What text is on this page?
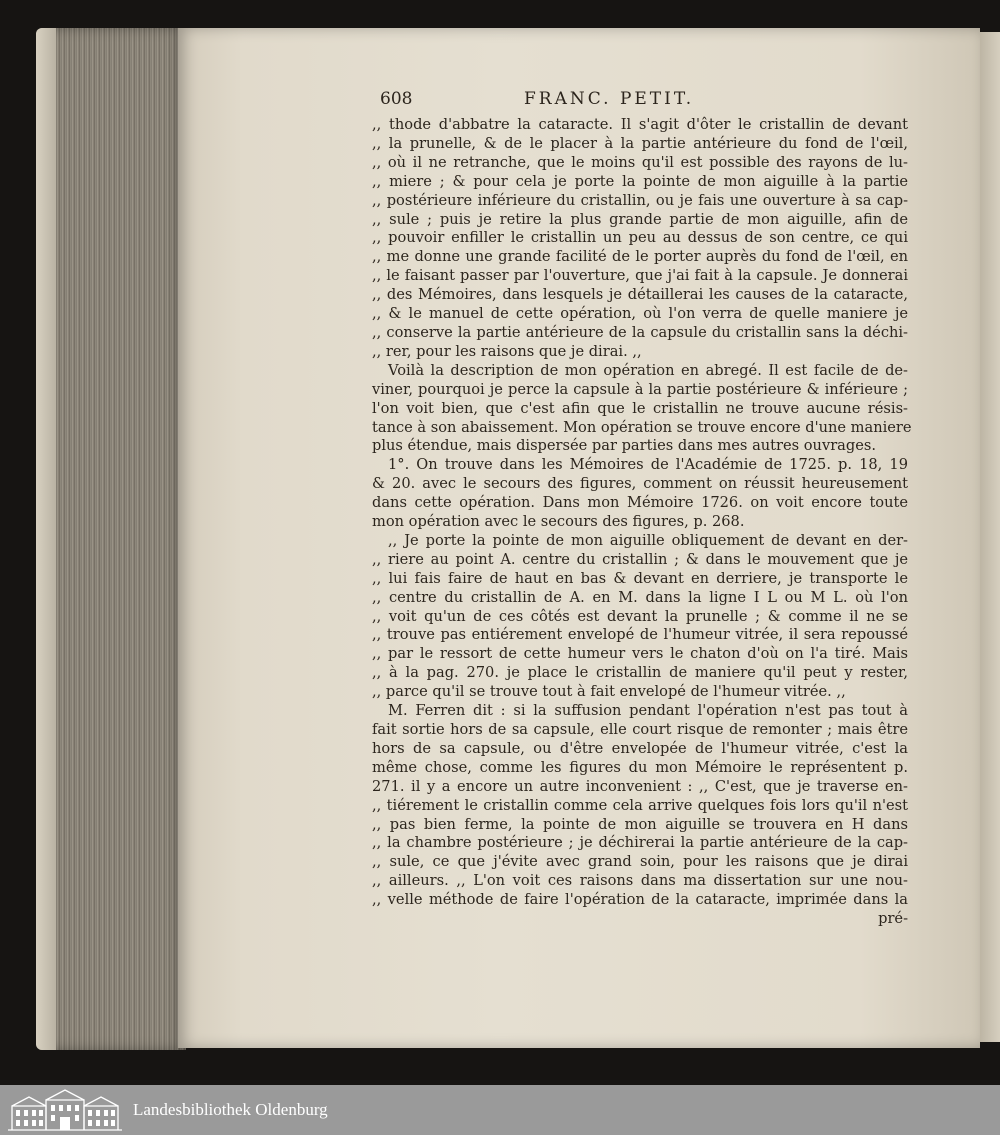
608	FRANC. PETIT.
,, thode d'abbatre la cataracte. Il s'agit d'ôter le cristallin de devant
,, la prunelle, & de le placer à la partie antérieure du fond de l'œil,
,, où il ne retranche, que le moins qu'il est possible des rayons de lu-
,, miere ; & pour cela je porte la pointe de mon aiguille à la partie
,, postérieure inférieure du cristallin, ou je fais une ouverture à sa cap-
,, sule ; puis je retire la plus grande partie de mon aiguille, afin de
,, pouvoir enfiller le cristallin un peu au dessus de son centre, ce qui
,, me donne une grande facilité de le porter auprès du fond de l'œil, en
,, le faisant passer par l'ouverture, que j'ai fait à la capsule. Je donnerai
,, des Mémoires, dans lesquels je détaillerai les causes de la cataracte,
,, & le manuel de cette opération, où l'on verra de quelle maniere je
,, conserve la partie antérieure de la capsule du cristallin sans la déchi-
,, rer, pour les raisons que je dirai. ,,
Voilà la description de mon opération en abregé. Il est facile de de-
viner, pourquoi je perce la capsule à la partie postérieure & inférieure ;
l'on voit bien, que c'est afin que le cristallin ne trouve aucune résis-
tance à son abaissement. Mon opération se trouve encore d'une maniere
plus étendue, mais dispersée par parties dans mes autres ouvrages.
1°. On trouve dans les Mémoires de l'Académie de 1725. p. 18, 19
& 20. avec le secours des figures, comment on réussit heureusement
dans cette opération. Dans mon Mémoire 1726. on voit encore toute
mon opération avec le secours des figures, p. 268.
,, Je porte la pointe de mon aiguille obliquement de devant en der-
,, riere au point A. centre du cristallin ; & dans le mouvement que je
,, lui fais faire de haut en bas & devant en derriere, je transporte le
,, centre du cristallin de A. en M. dans la ligne I L ou M L. où l'on
,, voit qu'un de ces côtés est devant la prunelle ; & comme il ne se
,, trouve pas entiérement envelopé de l'humeur vitrée, il sera repoussé
,, par le ressort de cette humeur vers le chaton d'où on l'a tiré. Mais
,, à la pag. 270. je place le cristallin de maniere qu'il peut y rester,
,, parce qu'il se trouve tout à fait envelopé de l'humeur vitrée. ,,
M. Ferren dit : si la suffusion pendant l'opération n'est pas tout à
fait sortie hors de sa capsule, elle court risque de remonter ; mais être
hors de sa capsule, ou d'être envelopée de l'humeur vitrée, c'est la
même chose, comme les figures du mon Mémoire le représentent p.
271. il y a encore un autre inconvenient : ,, C'est, que je traverse en-
,, tiérement le cristallin comme cela arrive quelques fois lors qu'il n'est
,, pas bien ferme, la pointe de mon aiguille se trouvera en H dans
,, la chambre postérieure ; je déchirerai la partie antérieure de la cap-
,, sule, ce que j'évite avec grand soin, pour les raisons que je dirai
,, ailleurs. ,, L'on voit ces raisons dans ma dissertation sur une nou-
,, velle méthode de faire l'opération de la cataracte, imprimée dans la
pré-
Landesbibliothek Oldenburg
